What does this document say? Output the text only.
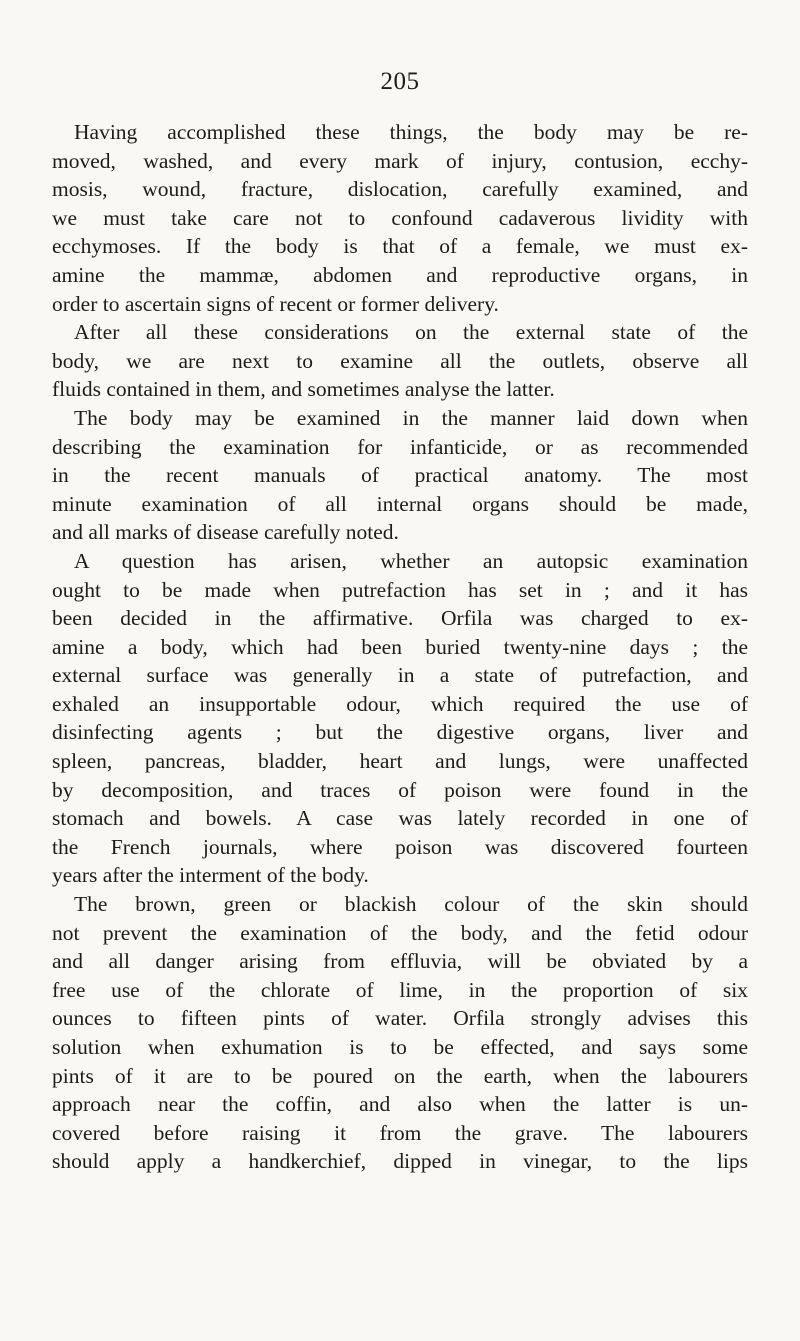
205
Having accomplished these things, the body may be re-
moved, washed, and every mark of injury, contusion, ecchy-
mosis, wound, fracture, dislocation, carefully examined, and
we must take care not to confound cadaverous lividity with
ecchymoses. If the body is that of a female, we must ex-
amine the mammæ, abdomen and reproductive organs, in
order to ascertain signs of recent or former delivery.
After all these considerations on the external state of the
body, we are next to examine all the outlets, observe all
fluids contained in them, and sometimes analyse the latter.
The body may be examined in the manner laid down when
describing the examination for infanticide, or as recommended
in the recent manuals of practical anatomy. The most
minute examination of all internal organs should be made,
and all marks of disease carefully noted.
A question has arisen, whether an autopsic examination
ought to be made when putrefaction has set in ; and it has
been decided in the affirmative. Orfila was charged to ex-
amine a body, which had been buried twenty-nine days ; the
external surface was generally in a state of putrefaction, and
exhaled an insupportable odour, which required the use of
disinfecting agents ; but the digestive organs, liver and
spleen, pancreas, bladder, heart and lungs, were unaffected
by decomposition, and traces of poison were found in the
stomach and bowels. A case was lately recorded in one of
the French journals, where poison was discovered fourteen
years after the interment of the body.
The brown, green or blackish colour of the skin should
not prevent the examination of the body, and the fetid odour
and all danger arising from effluvia, will be obviated by a
free use of the chlorate of lime, in the proportion of six
ounces to fifteen pints of water. Orfila strongly advises this
solution when exhumation is to be effected, and says some
pints of it are to be poured on the earth, when the labourers
approach near the coffin, and also when the latter is un-
covered before raising it from the grave. The labourers
should apply a handkerchief, dipped in vinegar, to the lips
